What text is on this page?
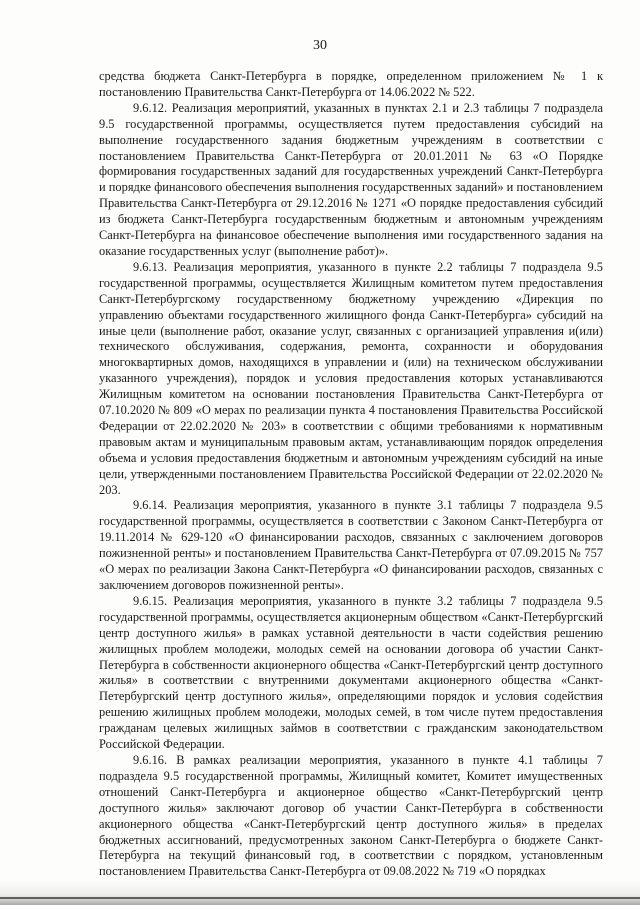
30

средства бюджета Санкт-Петербурга в порядке, определенном приложением № 1 к постановлению Правительства Санкт-Петербурга от 14.06.2022 № 522.

9.6.12. Реализация мероприятий, указанных в пунктах 2.1 и 2.3 таблицы 7 подраздела 9.5 государственной программы, осуществляется путем предоставления субсидий на выполнение государственного задания бюджетным учреждениям в соответствии с постановлением Правительства Санкт-Петербурга от 20.01.2011 № 63 «О Порядке формирования государственных заданий для государственных учреждений Санкт-Петербурга и порядке финансового обеспечения выполнения государственных заданий» и постановлением Правительства Санкт-Петербурга от 29.12.2016 № 1271 «О порядке предоставления субсидий из бюджета Санкт-Петербурга государственным бюджетным и автономным учреждениям Санкт-Петербурга на финансовое обеспечение выполнения ими государственного задания на оказание государственных услуг (выполнение работ)».

9.6.13. Реализация мероприятия, указанного в пункте 2.2 таблицы 7 подраздела 9.5 государственной программы, осуществляется Жилищным комитетом путем предоставления Санкт-Петербургскому государственному бюджетному учреждению «Дирекция по управлению объектами государственного жилищного фонда Санкт-Петербурга» субсидий на иные цели (выполнение работ, оказание услуг, связанных с организацией управления и(или) технического обслуживания, содержания, ремонта, сохранности и оборудования многоквартирных домов, находящихся в управлении и (или) на техническом обслуживании указанного учреждения), порядок и условия предоставления которых устанавливаются Жилищным комитетом на основании постановления Правительства Санкт-Петербурга от 07.10.2020 № 809 «О мерах по реализации пункта 4 постановления Правительства Российской Федерации от 22.02.2020 № 203» в соответствии с общими требованиями к нормативным правовым актам и муниципальным правовым актам, устанавливающим порядок определения объема и условия предоставления бюджетным и автономным учреждениям субсидий на иные цели, утвержденными постановлением Правительства Российской Федерации от 22.02.2020 № 203.

9.6.14. Реализация мероприятия, указанного в пункте 3.1 таблицы 7 подраздела 9.5 государственной программы, осуществляется в соответствии с Законом Санкт-Петербурга от 19.11.2014 № 629-120 «О финансировании расходов, связанных с заключением договоров пожизненной ренты» и постановлением Правительства Санкт-Петербурга от 07.09.2015 № 757 «О мерах по реализации Закона Санкт-Петербурга «О финансировании расходов, связанных с заключением договоров пожизненной ренты».

9.6.15. Реализация мероприятия, указанного в пункте 3.2 таблицы 7 подраздела 9.5 государственной программы, осуществляется акционерным обществом «Санкт-Петербургский центр доступного жилья» в рамках уставной деятельности в части содействия решению жилищных проблем молодежи, молодых семей на основании договора об участии Санкт-Петербурга в собственности акционерного общества «Санкт-Петербургский центр доступного жилья» в соответствии с внутренними документами акционерного общества «Санкт-Петербургский центр доступного жилья», определяющими порядок и условия содействия решению жилищных проблем молодежи, молодых семей, в том числе путем предоставления гражданам целевых жилищных займов в соответствии с гражданским законодательством Российской Федерации.

9.6.16. В рамках реализации мероприятия, указанного в пункте 4.1 таблицы 7 подраздела 9.5 государственной программы, Жилищный комитет, Комитет имущественных отношений Санкт-Петербурга и акционерное общество «Санкт-Петербургский центр доступного жилья» заключают договор об участии Санкт-Петербурга в собственности акционерного общества «Санкт-Петербургский центр доступного жилья» в пределах бюджетных ассигнований, предусмотренных законом Санкт-Петербурга о бюджете Санкт-Петербурга на текущий финансовый год, в соответствии с порядком, установленным постановлением Правительства Санкт-Петербурга от 09.08.2022 № 719 «О порядках
